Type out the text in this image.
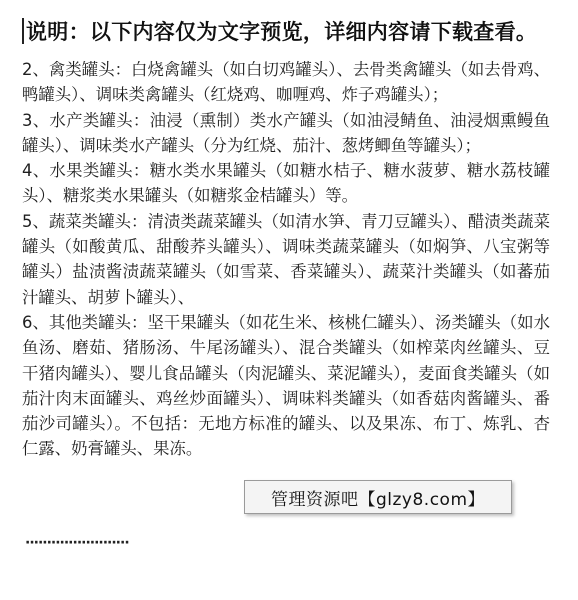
说明：以下内容仅为文字预览，详细内容请下载查看。

2、禽类罐头：白烧禽罐头（如白切鸡罐头）、去骨类禽罐头（如去骨鸡、鸭罐头）、调味类禽罐头（红烧鸡、咖喱鸡、炸子鸡罐头）；

3、水产类罐头：油浸（熏制）类水产罐头（如油浸鲭鱼、油浸烟熏鳗鱼罐头）、调味类水产罐头（分为红烧、茄汁、葱烤鲫鱼等罐头）；

4、水果类罐头：糖水类水果罐头（如糖水桔子、糖水菠萝、糖水荔枝罐头）、糖浆类水果罐头（如糖浆金桔罐头）等。

5、蔬菜类罐头：清渍类蔬菜罐头（如清水笋、青刀豆罐头）、醋渍类蔬菜罐头（如酸黄瓜、甜酸荞头罐头）、调味类蔬菜罐头（如焖笋、八宝粥等罐头）盐渍酱渍蔬菜罐头（如雪菜、香菜罐头）、蔬菜汁类罐头（如蕃茄汁罐头、胡萝卜罐头）、

6、其他类罐头：坚干果罐头（如花生米、核桃仁罐头）、汤类罐头（如水鱼汤、磨茹、猪肠汤、牛尾汤罐头）、混合类罐头（如榨菜肉丝罐头、豆干猪肉罐头）、婴儿食品罐头（肉泥罐头、菜泥罐头），麦面食类罐头（如茄汁肉末面罐头、鸡丝炒面罐头）、调味料类罐头（如香菇肉酱罐头、番茄沙司罐头）。不包括：无地方标准的罐头、以及果冻、布丁、炼乳、杏仁露、奶膏罐头、果冻。

························
管理资源吧【glzy8.com】
